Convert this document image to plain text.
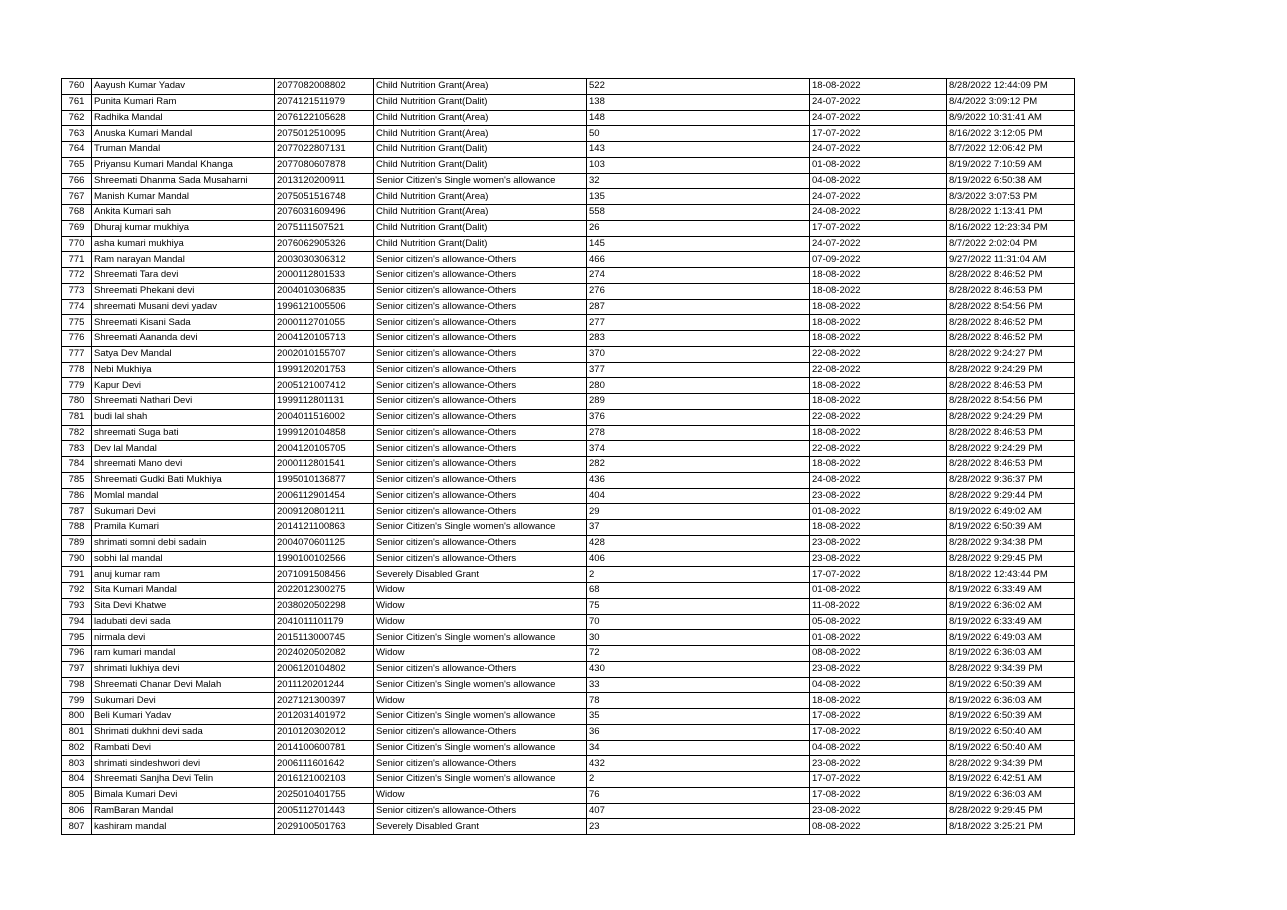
760	Aayush Kumar Yadav	2077082008802	Child Nutrition Grant(Area)	522	18-08-2022	8/28/2022 12:44:09 PM
761	Punita Kumari Ram	2074121511979	Child Nutrition Grant(Dalit)	138	24-07-2022	8/4/2022 3:09:12 PM
762	Radhika Mandal	2076122105628	Child Nutrition Grant(Area)	148	24-07-2022	8/9/2022 10:31:41 AM
763	Anuska Kumari Mandal	2075012510095	Child Nutrition Grant(Area)	50	17-07-2022	8/16/2022 3:12:05 PM
764	Truman Mandal	2077022807131	Child Nutrition Grant(Dalit)	143	24-07-2022	8/7/2022 12:06:42 PM
765	Priyansu Kumari Mandal Khanga	2077080607878	Child Nutrition Grant(Dalit)	103	01-08-2022	8/19/2022 7:10:59 AM
766	Shreemati Dhanma Sada Musaharni	2013120200911	Senior Citizen's Single women's allowance	32	04-08-2022	8/19/2022 6:50:38 AM
767	Manish Kumar Mandal	2075051516748	Child Nutrition Grant(Area)	135	24-07-2022	8/3/2022 3:07:53 PM
768	Ankita Kumari sah	2076031609496	Child Nutrition Grant(Area)	558	24-08-2022	8/28/2022 1:13:41 PM
769	Dhuraj kumar mukhiya	2075111507521	Child Nutrition Grant(Dalit)	26	17-07-2022	8/16/2022 12:23:34 PM
770	asha kumari mukhiya	2076062905326	Child Nutrition Grant(Dalit)	145	24-07-2022	8/7/2022 2:02:04 PM
771	Ram narayan Mandal	2003030306312	Senior citizen's allowance-Others	466	07-09-2022	9/27/2022 11:31:04 AM
772	Shreemati Tara devi	2000112801533	Senior citizen's allowance-Others	274	18-08-2022	8/28/2022 8:46:52 PM
773	Shreemati Phekani devi	2004010306835	Senior citizen's allowance-Others	276	18-08-2022	8/28/2022 8:46:53 PM
774	shreemati Musani devi yadav	1996121005506	Senior citizen's allowance-Others	287	18-08-2022	8/28/2022 8:54:56 PM
775	Shreemati Kisani Sada	2000112701055	Senior citizen's allowance-Others	277	18-08-2022	8/28/2022 8:46:52 PM
776	Shreemati Aananda devi	2004120105713	Senior citizen's allowance-Others	283	18-08-2022	8/28/2022 8:46:52 PM
777	Satya Dev Mandal	2002010155707	Senior citizen's allowance-Others	370	22-08-2022	8/28/2022 9:24:27 PM
778	Nebi Mukhiya	1999120201753	Senior citizen's allowance-Others	377	22-08-2022	8/28/2022 9:24:29 PM
779	Kapur Devi	2005121007412	Senior citizen's allowance-Others	280	18-08-2022	8/28/2022 8:46:53 PM
780	Shreemati Nathari Devi	1999112801131	Senior citizen's allowance-Others	289	18-08-2022	8/28/2022 8:54:56 PM
781	budi lal shah	2004011516002	Senior citizen's allowance-Others	376	22-08-2022	8/28/2022 9:24:29 PM
782	shreemati Suga bati	1999120104858	Senior citizen's allowance-Others	278	18-08-2022	8/28/2022 8:46:53 PM
783	Dev lal Mandal	2004120105705	Senior citizen's allowance-Others	374	22-08-2022	8/28/2022 9:24:29 PM
784	shreemati Mano devi	2000112801541	Senior citizen's allowance-Others	282	18-08-2022	8/28/2022 8:46:53 PM
785	Shreemati Gudki Bati Mukhiya	1995010136877	Senior citizen's allowance-Others	436	24-08-2022	8/28/2022 9:36:37 PM
786	Momlal mandal	2006112901454	Senior citizen's allowance-Others	404	23-08-2022	8/28/2022 9:29:44 PM
787	Sukumari Devi	2009120801211	Senior citizen's allowance-Others	29	01-08-2022	8/19/2022 6:49:02 AM
788	Pramila Kumari	2014121100863	Senior Citizen's Single women's allowance	37	18-08-2022	8/19/2022 6:50:39 AM
789	shrimati somni debi sadain	2004070601125	Senior citizen's allowance-Others	428	23-08-2022	8/28/2022 9:34:38 PM
790	sobhi lal mandal	1990100102566	Senior citizen's allowance-Others	406	23-08-2022	8/28/2022 9:29:45 PM
791	anuj kumar ram	2071091508456	Severely Disabled Grant	2	17-07-2022	8/18/2022 12:43:44 PM
792	Sita Kumari Mandal	2022012300275	Widow	68	01-08-2022	8/19/2022 6:33:49 AM
793	Sita Devi Khatwe	2038020502298	Widow	75	11-08-2022	8/19/2022 6:36:02 AM
794	ladubati devi sada	2041011101179	Widow	70	05-08-2022	8/19/2022 6:33:49 AM
795	nirmala devi	2015113000745	Senior Citizen's Single women's allowance	30	01-08-2022	8/19/2022 6:49:03 AM
796	ram kumari mandal	2024020502082	Widow	72	08-08-2022	8/19/2022 6:36:03 AM
797	shrimati lukhiya devi	2006120104802	Senior citizen's allowance-Others	430	23-08-2022	8/28/2022 9:34:39 PM
798	Shreemati Chanar Devi Malah	2011120201244	Senior Citizen's Single women's allowance	33	04-08-2022	8/19/2022 6:50:39 AM
799	Sukumari Devi	2027121300397	Widow	78	18-08-2022	8/19/2022 6:36:03 AM
800	Beli Kumari Yadav	2012031401972	Senior Citizen's Single women's allowance	35	17-08-2022	8/19/2022 6:50:39 AM
801	Shrimati dukhni devi sada	2010120302012	Senior citizen's allowance-Others	36	17-08-2022	8/19/2022 6:50:40 AM
802	Rambati Devi	2014100600781	Senior Citizen's Single women's allowance	34	04-08-2022	8/19/2022 6:50:40 AM
803	shrimati sindeshwori devi	2006111601642	Senior citizen's allowance-Others	432	23-08-2022	8/28/2022 9:34:39 PM
804	Shreemati Sanjha Devi Telin	2016121002103	Senior Citizen's Single women's allowance	2	17-07-2022	8/19/2022 6:42:51 AM
805	Bimala Kumari Devi	2025010401755	Widow	76	17-08-2022	8/19/2022 6:36:03 AM
806	RamBaran Mandal	2005112701443	Senior citizen's allowance-Others	407	23-08-2022	8/28/2022 9:29:45 PM
807	kashiram mandal	2029100501763	Severely Disabled Grant	23	08-08-2022	8/18/2022 3:25:21 PM
